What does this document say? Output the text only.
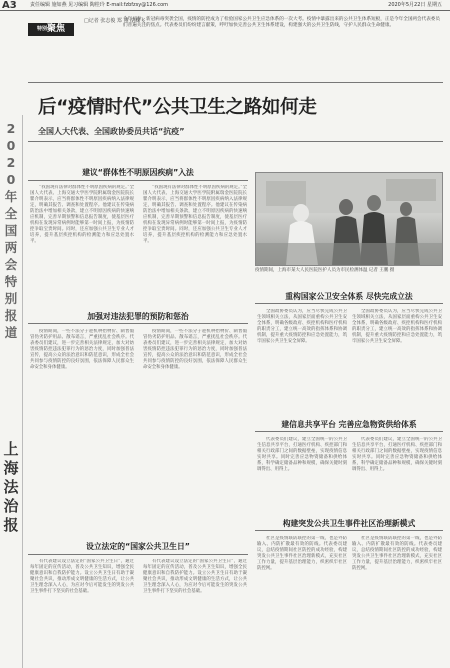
A3	责任编辑 施如燕 见习编辑 陶桂玲 E-mail:fzbfzsy@126.com	2020年5月22日 星期五
$^{特别}$聚焦
□记者 张志俊 郑 翔 胡蝶飞
今年初春，新冠病毒突袭全国，疫情的防控成为了检验国家公共卫生应急体系的一次大考。疫情中暴露出来的公共卫生体系短板，正是今年全国两会代表委员们普遍关注的焦点。代表委员们纷纷建言献策，呼吁加快完善公共卫生体系建设，构建强大的公共卫生防线，守护人民群众生命健康。
2
0
2
0
年
全
国
两
会
特
别
报
道
上
海
法
治
报
后“疫情时代”公共卫生之路如何走
全国人大代表、全国政协委员共话“抗疫”
建议“群体性不明原因疾病”入法
“我国现有法律对群体性不明原因疾病的规定。”全国人大代表、上海交通大学医学院附属瑞金医院院长瞿介明表示，应当将群体性不明原因疾病纳入法律规定，明确其报告、调查和处置程序。他建议在传染病防治法中增加相关条款，建立不明原因疾病的快速响应机制，完善早期预警和信息报告制度，使基层医疗机构在发现异常病例时能够第一时间上报，为疫情防控争取宝贵时间。同时，还应加强公共卫生专业人才培养，提升基层疾控机构的检测能力和应急处置水平。
“我国现有法律对群体性不明原因疾病的规定。”全国人大代表、上海交通大学医学院附属瑞金医院院长瞿介明表示，应当将群体性不明原因疾病纳入法律规定，明确其报告、调查和处置程序。他建议在传染病防治法中增加相关条款，建立不明原因疾病的快速响应机制，完善早期预警和信息报告制度，使基层医疗机构在发现异常病例时能够第一时间上报，为疫情防控争取宝贵时间。同时，还应加强公共卫生专业人才培养，提升基层疾控机构的检测能力和应急处置水平。
疫情期间，上海市某大人民医院医护人员为市民检测体温 记者 王鹏 摄
加强对违法犯罪的预防和惩治
疫情期间，一些不法分子趁机哄抬物价、制售假冒伪劣防护用品、散布谣言，严重扰乱社会秩序。代表委员们建议，进一步完善相关法律规定，加大对妨害疫情防控违法犯罪行为的惩治力度，同时加强普法宣传，提高公众的法治意识和防范意识，形成全社会共同参与疫情防控的良好氛围，依法保障人民群众生命安全和身体健康。
疫情期间，一些不法分子趁机哄抬物价、制售假冒伪劣防护用品、散布谣言，严重扰乱社会秩序。代表委员们建议，进一步完善相关法律规定，加大对妨害疫情防控违法犯罪行为的惩治力度，同时加强普法宣传，提高公众的法治意识和防范意识，形成全社会共同参与疫情防控的良好氛围，依法保障人民群众生命安全和身体健康。
设立法定的“国家公共卫生日”
有代表建议设立法定的“国家公共卫生日”，通过每年固定的宣传活动，普及公共卫生知识，增强全民健康意识和自我防护能力。设立公共卫生日有助于凝聚社会共识，推动形成文明健康的生活方式，让公共卫生理念深入人心，为应对今后可能发生的突发公共卫生事件打下坚实的社会基础。
有代表建议设立法定的“国家公共卫生日”，通过每年固定的宣传活动，普及公共卫生知识，增强全民健康意识和自我防护能力。设立公共卫生日有助于凝聚社会共识，推动形成文明健康的生活方式，让公共卫生理念深入人心，为应对今后可能发生的突发公共卫生事件打下坚实的社会基础。
重构国家公卫安全体系 尽快完成立法
全国政协委员认为，应当尽快完成公共卫生领域相关立法，从国家层面重构公共卫生安全体系，明确各级政府、疾控机构和医疗机构的职责分工，建立统一高效的指挥体系和协调机制，提升重大疫情防控和应急处置能力，筑牢国家公共卫生安全屏障。
全国政协委员认为，应当尽快完成公共卫生领域相关立法，从国家层面重构公共卫生安全体系，明确各级政府、疾控机构和医疗机构的职责分工，建立统一高效的指挥体系和协调机制，提升重大疫情防控和应急处置能力，筑牢国家公共卫生安全屏障。
建信息共享平台 完善应急物资供给体系
代表委员们建议，建立全国统一的公共卫生信息共享平台，打通医疗机构、疾控部门和相关行政部门之间的数据壁垒，实现疫情信息实时共享。同时完善应急物资储备和供给体系，科学确定储备品种和规模，确保关键时刻调得出、用得上。
代表委员们建议，建立全国统一的公共卫生信息共享平台，打通医疗机构、疾控部门和相关行政部门之间的数据壁垒，实现疫情信息实时共享。同时完善应急物资储备和供给体系，科学确定储备品种和规模，确保关键时刻调得出、用得上。
构建突发公共卫生事件社区治理新模式
社区是疫情联防联控的第一线，也是外防输入、内防扩散最有效的防线。代表委员建议，总结疫情期间社区防控的成功经验，构建突发公共卫生事件社区治理新模式，充实社区工作力量，提升基层治理能力，织密织牢社区防控网。
社区是疫情联防联控的第一线，也是外防输入、内防扩散最有效的防线。代表委员建议，总结疫情期间社区防控的成功经验，构建突发公共卫生事件社区治理新模式，充实社区工作力量，提升基层治理能力，织密织牢社区防控网。
